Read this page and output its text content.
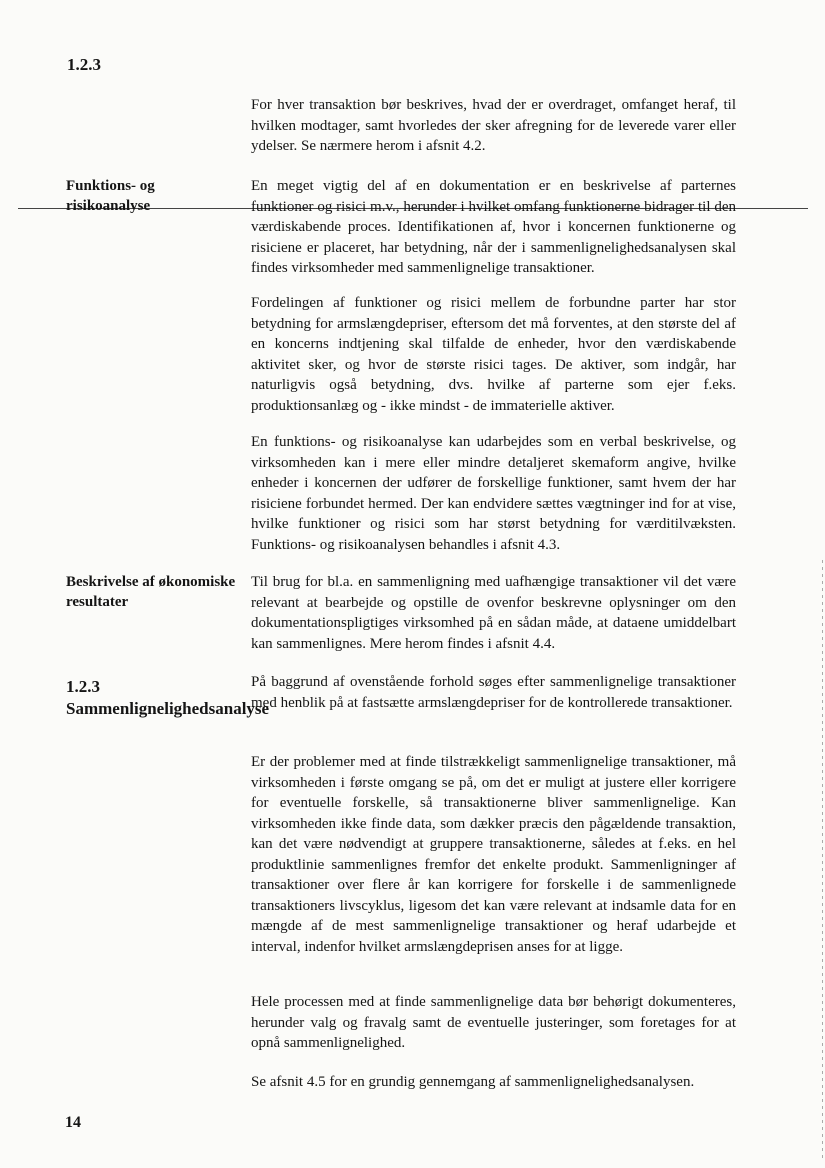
1.2.3
Funktions- og risikoanalyse
Beskrivelse af økonomiske resultater
1.2.3
Sammenlignelighedsanalyse
For hver transaktion bør beskrives, hvad der er overdraget, omfanget heraf, til hvilken modtager, samt hvorledes der sker afregning for de leverede varer eller ydelser. Se nærmere herom i afsnit 4.2.
En meget vigtig del af en dokumentation er en beskrivelse af parternes funktioner og risici m.v., herunder i hvilket omfang funktionerne bidrager til den værdiskabende proces. Identifikationen af, hvor i koncernen funktionerne og risiciene er placeret, har betydning, når der i sammenlignelighedsanalysen skal findes virksomheder med sammenlignelige transaktioner.
Fordelingen af funktioner og risici mellem de forbundne parter har stor betydning for armslængdepriser, eftersom det må forventes, at den største del af en koncerns indtjening skal tilfalde de enheder, hvor den værdiskabende aktivitet sker, og hvor de største risici tages. De aktiver, som indgår, har naturligvis også betydning, dvs. hvilke af parterne som ejer f.eks. produktionsanlæg og - ikke mindst - de immaterielle aktiver.
En funktions- og risikoanalyse kan udarbejdes som en verbal beskrivelse, og virksomheden kan i mere eller mindre detaljeret skemaform angive, hvilke enheder i koncernen der udfører de forskellige funktioner, samt hvem der har risiciene forbundet hermed. Der kan endvidere sættes vægtninger ind for at vise, hvilke funktioner og risici som har størst betydning for værditilvæksten. Funktions- og risikoanalysen behandles i afsnit 4.3.
Til brug for bl.a. en sammenligning med uafhængige transaktioner vil det være relevant at bearbejde og opstille de ovenfor beskrevne oplysninger om den dokumentationspligtiges virksomhed på en sådan måde, at dataene umiddelbart kan sammenlignes. Mere herom findes i afsnit 4.4.
På baggrund af ovenstående forhold søges efter sammenlignelige transaktioner med henblik på at fastsætte armslængdepriser for de kontrollerede transaktioner.
Er der problemer med at finde tilstrækkeligt sammenlignelige transaktioner, må virksomheden i første omgang se på, om det er muligt at justere eller korrigere for eventuelle forskelle, så transaktionerne bliver sammenlignelige. Kan virksomheden ikke finde data, som dækker præcis den pågældende transaktion, kan det være nødvendigt at gruppere transaktionerne, således at f.eks. en hel produktlinie sammenlignes fremfor det enkelte produkt. Sammenligninger af transaktioner over flere år kan korrigere for forskelle i de sammenlignede transaktioners livscyklus, ligesom det kan være relevant at indsamle data for en mængde af de mest sammenlignelige transaktioner og heraf udarbejde et interval, indenfor hvilket armslængdeprisen anses for at ligge.
Hele processen med at finde sammenlignelige data bør behørigt dokumenteres, herunder valg og fravalg samt de eventuelle justeringer, som foretages for at opnå sammenlignelighed.
Se afsnit 4.5 for en grundig gennemgang af sammenlignelighedsanalysen.
14
